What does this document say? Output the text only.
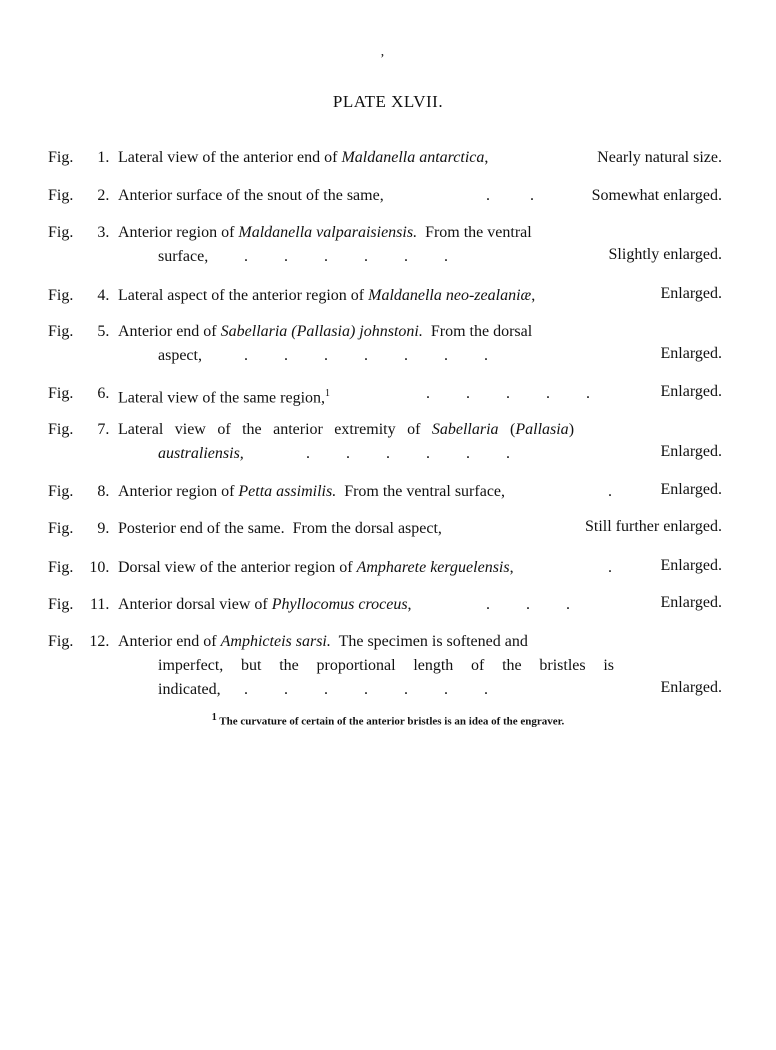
’
PLATE XLVII.
Fig. 1. Lateral view of the anterior end of Maldanella antarctica,	Nearly natural size.
Fig. 2. Anterior surface of the snout of the same,	.          .	Somewhat enlarged.
Fig. 3. Anterior region of Maldanella valparaisiensis.  From the ventral
surface, .         .         .         .         .         .	Slightly enlarged.
Fig. 4. Lateral aspect of the anterior region of Maldanella neo-zealaniæ,	Enlarged.
Fig. 5. Anterior end of Sabellaria (Pallasia) johnstoni.  From the dorsal
aspect,	.         .         .         .         .         .         .	Enlarged.
Fig. 6. Lateral view of the same region,$^1$	.         .         .         .         .	Enlarged.
Fig. 7. Lateral view of the anterior extremity of Sabellaria (Pallasia)
australiensis,	.         .         .         .         .         .	Enlarged.
Fig. 8. Anterior region of Petta assimilis.  From the ventral surface,	.	Enlarged.
Fig. 9. Posterior end of the same.  From the dorsal aspect,	Still further enlarged.
Fig. 10. Dorsal view of the anterior region of Ampharete kerguelensis,	.	Enlarged.
Fig. 11. Anterior dorsal view of Phyllocomus croceus,	.         .         .	Enlarged.
Fig. 12. Anterior end of Amphicteis sarsi.  The specimen is softened and
imperfect, but the proportional length of the bristles is
indicated, .         .         .         .         .         .         .	Enlarged.
$^1$ The curvature of certain of the anterior bristles is an idea of the engraver.
